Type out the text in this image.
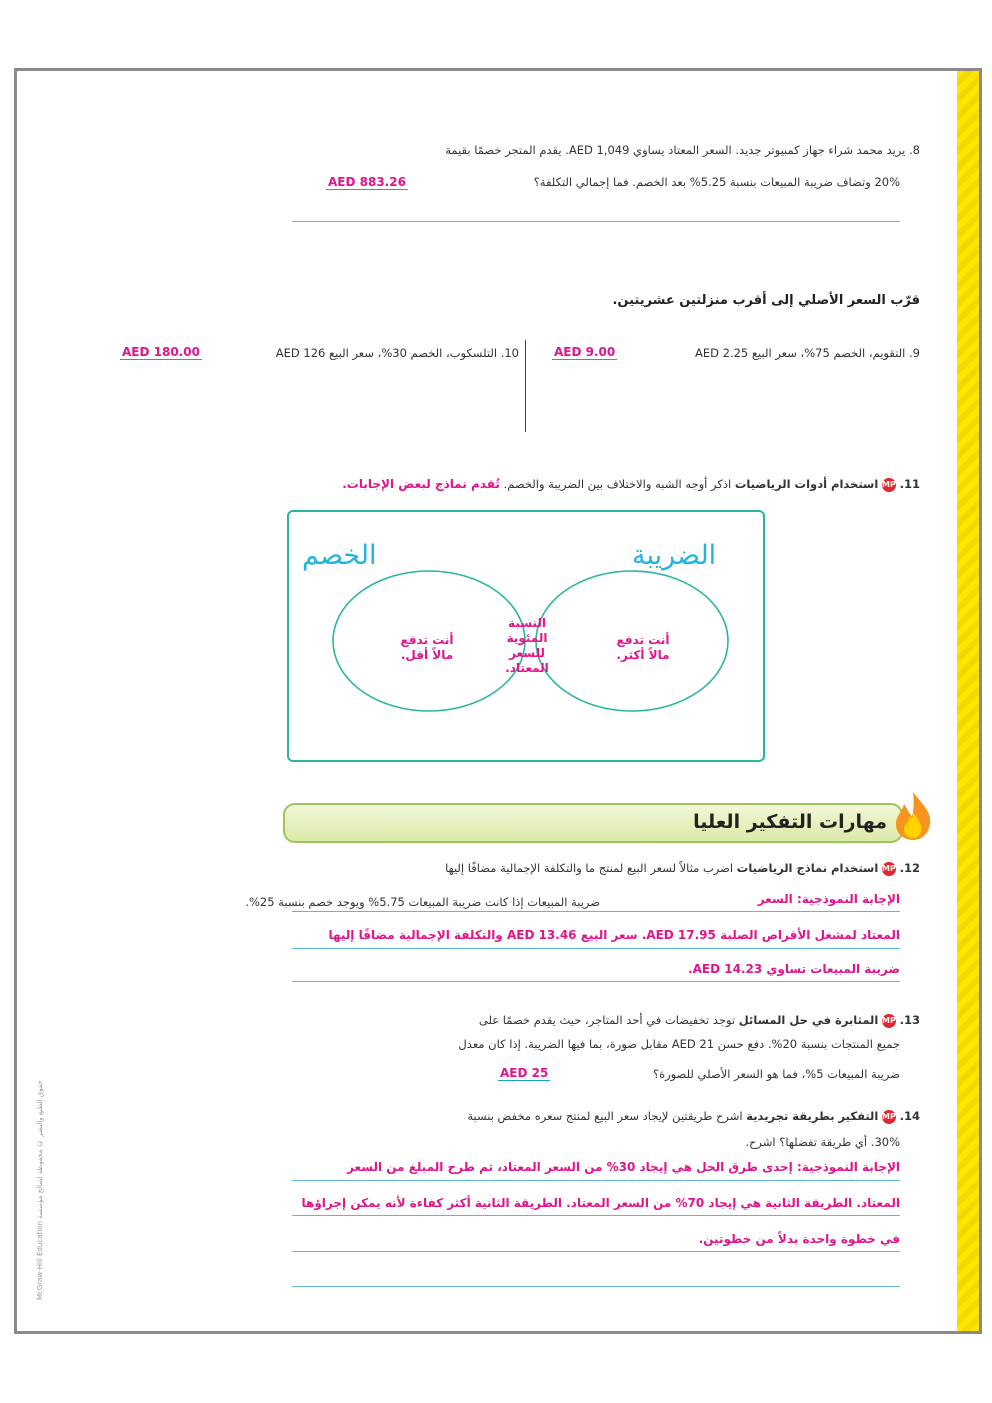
McGraw-Hill Education حقوق الطبع والنشر © محفوظة لصالح مؤسسة
8. يريد محمد شراء جهاز كمبيوتر جديد. السعر المعتاد يساوي AED 1,049. يقدم المتجر خصمًا بقيمة
20% وتضاف ضريبة المبيعات بنسبة 5.25% بعد الخصم. فما إجمالي التكلفة؟
AED 883.26
قرّب السعر الأصلي إلى أقرب منزلتين عشريتين.
9. التقويم، الخصم 75%، سعر البيع AED 2.25
AED 9.00
10. التلسكوب، الخصم 30%، سعر البيع AED 126
AED 180.00
11. MP استخدام أدوات الرياضيات اذكر أوجه الشبه والاختلاف بين الضريبة والخصم. تُقدم نماذج لبعض الإجابات.
الخصم	الضريبة
أنت تدفع مالاً أقل.
أنت تدفع مالاً أكثر.
النسبة المئوية للسعر المعتاد.
مهارات التفكير العليا
12. MP استخدام نماذج الرياضيات اضرب مثالاً لسعر البيع لمنتج ما والتكلفة الإجمالية مضافًا إليها
ضريبة المبيعات إذا كانت ضريبة المبيعات 5.75% ويوجد خصم بنسبة 25%.	الإجابة النموذجية: السعر
المعتاد لمشغل الأقراص الصلبة AED 17.95. سعر البيع AED 13.46 والتكلفة الإجمالية مضافًا إليها
ضريبة المبيعات تساوي AED 14.23.
13. MP المثابرة في حل المسائل توجد تخفيضات في أحد المتاجر، حيث يقدم خصمًا على
جميع المنتجات بنسبة 20%. دفع حسن AED 21 مقابل صورة، بما فيها الضريبة. إذا كان معدل
ضريبة المبيعات 5%، فما هو السعر الأصلي للصورة؟
AED 25
14. MP التفكير بطريقة تجريدية اشرح طريقتين لإيجاد سعر البيع لمنتج سعره مخفض بنسبة
30%. أي طريقة تفضلها؟ اشرح.
الإجابة النموذجية: إحدى طرق الحل هي إيجاد 30% من السعر المعتاد، ثم طرح المبلغ من السعر
المعتاد. الطريقة الثانية هي إيجاد 70% من السعر المعتاد. الطريقة الثانية أكثر كفاءة لأنه يمكن إجراؤها
في خطوة واحدة بدلاً من خطوتين.
